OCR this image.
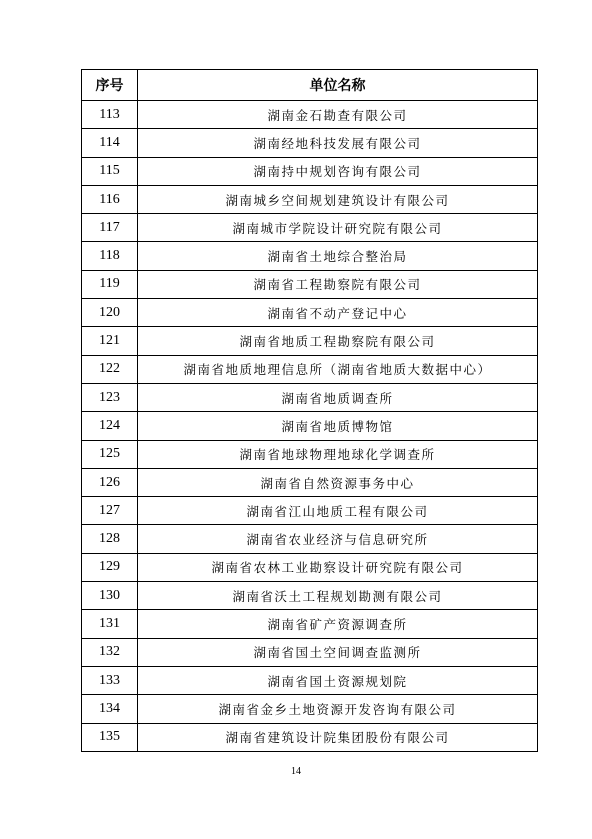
序号	单位名称
113	湖南金石勘查有限公司
114	湖南经地科技发展有限公司
115	湖南持中规划咨询有限公司
116	湖南城乡空间规划建筑设计有限公司
117	湖南城市学院设计研究院有限公司
118	湖南省土地综合整治局
119	湖南省工程勘察院有限公司
120	湖南省不动产登记中心
121	湖南省地质工程勘察院有限公司
122	湖南省地质地理信息所（湖南省地质大数据中心）
123	湖南省地质调查所
124	湖南省地质博物馆
125	湖南省地球物理地球化学调查所
126	湖南省自然资源事务中心
127	湖南省江山地质工程有限公司
128	湖南省农业经济与信息研究所
129	湖南省农林工业勘察设计研究院有限公司
130	湖南省沃土工程规划勘测有限公司
131	湖南省矿产资源调查所
132	湖南省国土空间调查监测所
133	湖南省国土资源规划院
134	湖南省金乡土地资源开发咨询有限公司
135	湖南省建筑设计院集团股份有限公司
14
